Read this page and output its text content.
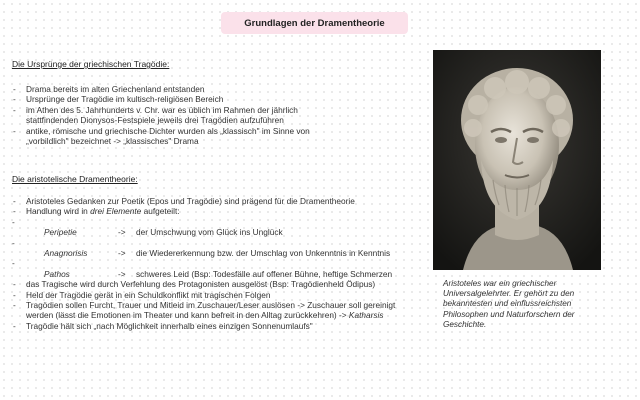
Grundlagen der Dramentheorie

Die Ursprünge der griechischen Tragödie:

- Drama bereits im alten Griechenland entstanden
- Ursprünge der Tragödie im kultisch-religiösen Bereich
- im Athen des 5. Jahrhunderts v. Chr. war es üblich im Rahmen der jährlich stattfindenden Dionysos-Festspiele jeweils drei Tragödien aufzuführen
- antike, römische und griechische Dichter wurden als „klassisch" im Sinne von „vorbildlich" bezeichnet -> „klassisches" Drama

Die aristotelische Dramentheorie:

- Aristoteles Gedanken zur Poetik (Epos und Tragödie) sind prägend für die Dramentheorie
- Handlung wird in drei Elemente aufgeteilt:
-
Peripetie	->	der Umschwung vom Glück ins Unglück
-
Anagnorisis	->	die Wiedererkennung bzw. der Umschlag von Unkenntnis in Kenntnis
-
Pathos	->	schweres Leid (Bsp: Todesfälle auf offener Bühne, heftige Schmerzen
- das Tragische wird durch Verfehlung des Protagonisten ausgelöst (Bsp: Tragödienheld Ödipus)
- Held der Tragödie gerät in ein Schuldkonflikt mit tragischen Folgen
- Tragödien sollen Furcht, Trauer und Mitleid im Zuschauer/Leser auslösen -> Zuschauer soll gereinigt werden (lässt die Emotionen im Theater und kann befreit in den Alltag zurückkehren) -> Katharsis
- Tragödie hält sich „nach Möglichkeit innerhalb eines einzigen Sonnenumlaufs"
Aristoteles war ein griechischer Universalgelehrter. Er gehört zu den bekanntesten und einflussreichsten Philosophen und Naturforschern der Geschichte.
